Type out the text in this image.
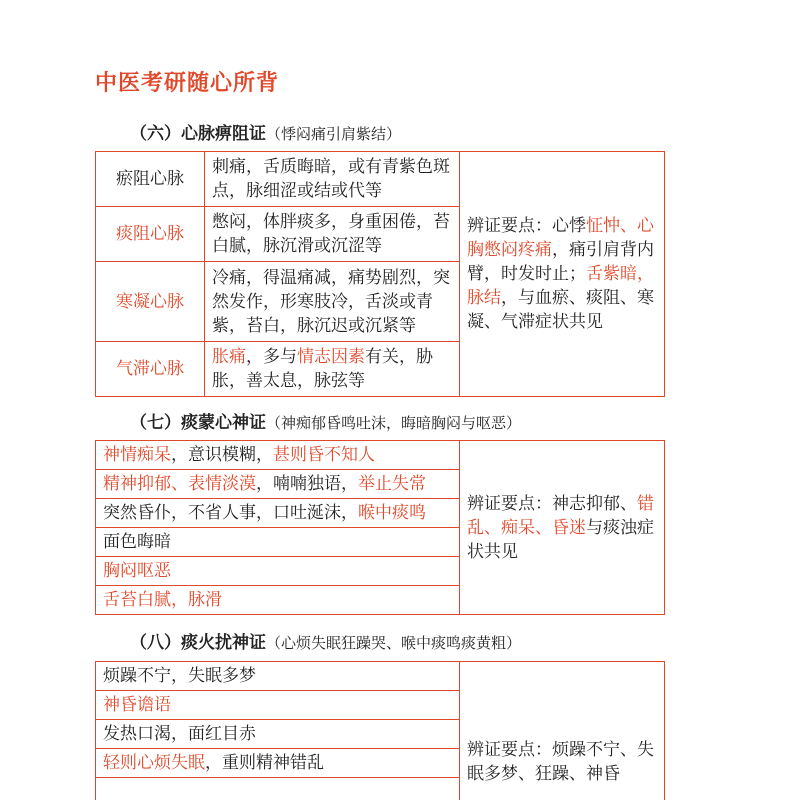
中医考研随心所背
（六）心脉痹阻证（悸闷痛引肩紫结）
瘀阻心脉	刺痛，舌质晦暗，或有青紫色斑点，脉细涩或结或代等	辨证要点：心悸怔忡、心胸憋闷疼痛，痛引肩背内臂，时发时止；舌紫暗，脉结，与血瘀、痰阻、寒凝、气滞症状共见
痰阻心脉	憋闷，体胖痰多，身重困倦，苔白腻，脉沉滑或沉涩等	
寒凝心脉	冷痛，得温痛减，痛势剧烈，突然发作，形寒肢冷，舌淡或青紫，苔白，脉沉迟或沉紧等	
气滞心脉	胀痛，多与情志因素有关，胁胀，善太息，脉弦等	
（七）痰蒙心神证（神痴郁昏鸣吐沫，晦暗胸闷与呕恶）
神情痴呆，意识模糊，甚则昏不知人	辨证要点：神志抑郁、错乱、痴呆、昏迷与痰浊症状共见
精神抑郁、表情淡漠，喃喃独语，举止失常
突然昏仆，不省人事，口吐涎沫，喉中痰鸣
面色晦暗
胸闷呕恶
舌苔白腻，脉滑
（八）痰火扰神证（心烦失眠狂躁哭、喉中痰鸣痰黄粗）
烦躁不宁，失眠多梦	辨证要点：烦躁不宁、失眠多梦、狂躁、神昏
神昏谵语
发热口渴，面红目赤
轻则心烦失眠，重则精神错乱
